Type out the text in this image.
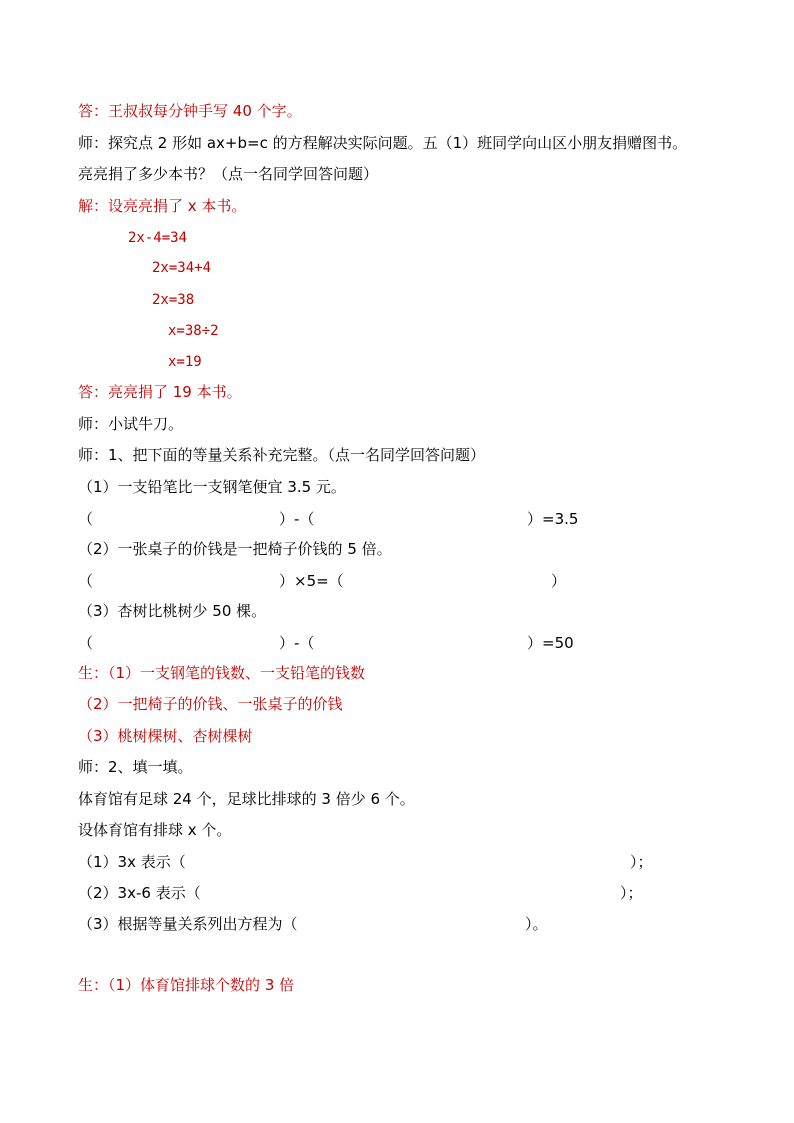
答：王叔叔每分钟手写 40 个字。
师：探究点 2 形如 ax+b=c 的方程解决实际问题。五（1）班同学向山区小朋友捐赠图书。
亮亮捐了多少本书？（点一名同学回答问题）
解：设亮亮捐了 x 本书。
2x-4=34
2x=34+4
2x=38
x=38÷2
x=19
答：亮亮捐了 19 本书。
师：小试牛刀。
师：1、把下面的等量关系补充完整。（点一名同学回答问题）
（1）一支铅笔比一支钢笔便宜 3.5 元。
（	）-（	）=3.5
（2）一张桌子的价钱是一把椅子价钱的 5 倍。
（	）×5=（	）
（3）杏树比桃树少 50 棵。
（	）-（	）=50
生：（1）一支钢笔的钱数、一支铅笔的钱数
（2）一把椅子的价钱、一张桌子的价钱
（3）桃树棵树、杏树棵树
师：2、填一填。
体育馆有足球 24 个，足球比排球的 3 倍少 6 个。
设体育馆有排球 x 个。
（1）3x 表示（	）；
（2）3x-6 表示（	）；
（3）根据等量关系列出方程为（	）。
生：（1）体育馆排球个数的 3 倍
